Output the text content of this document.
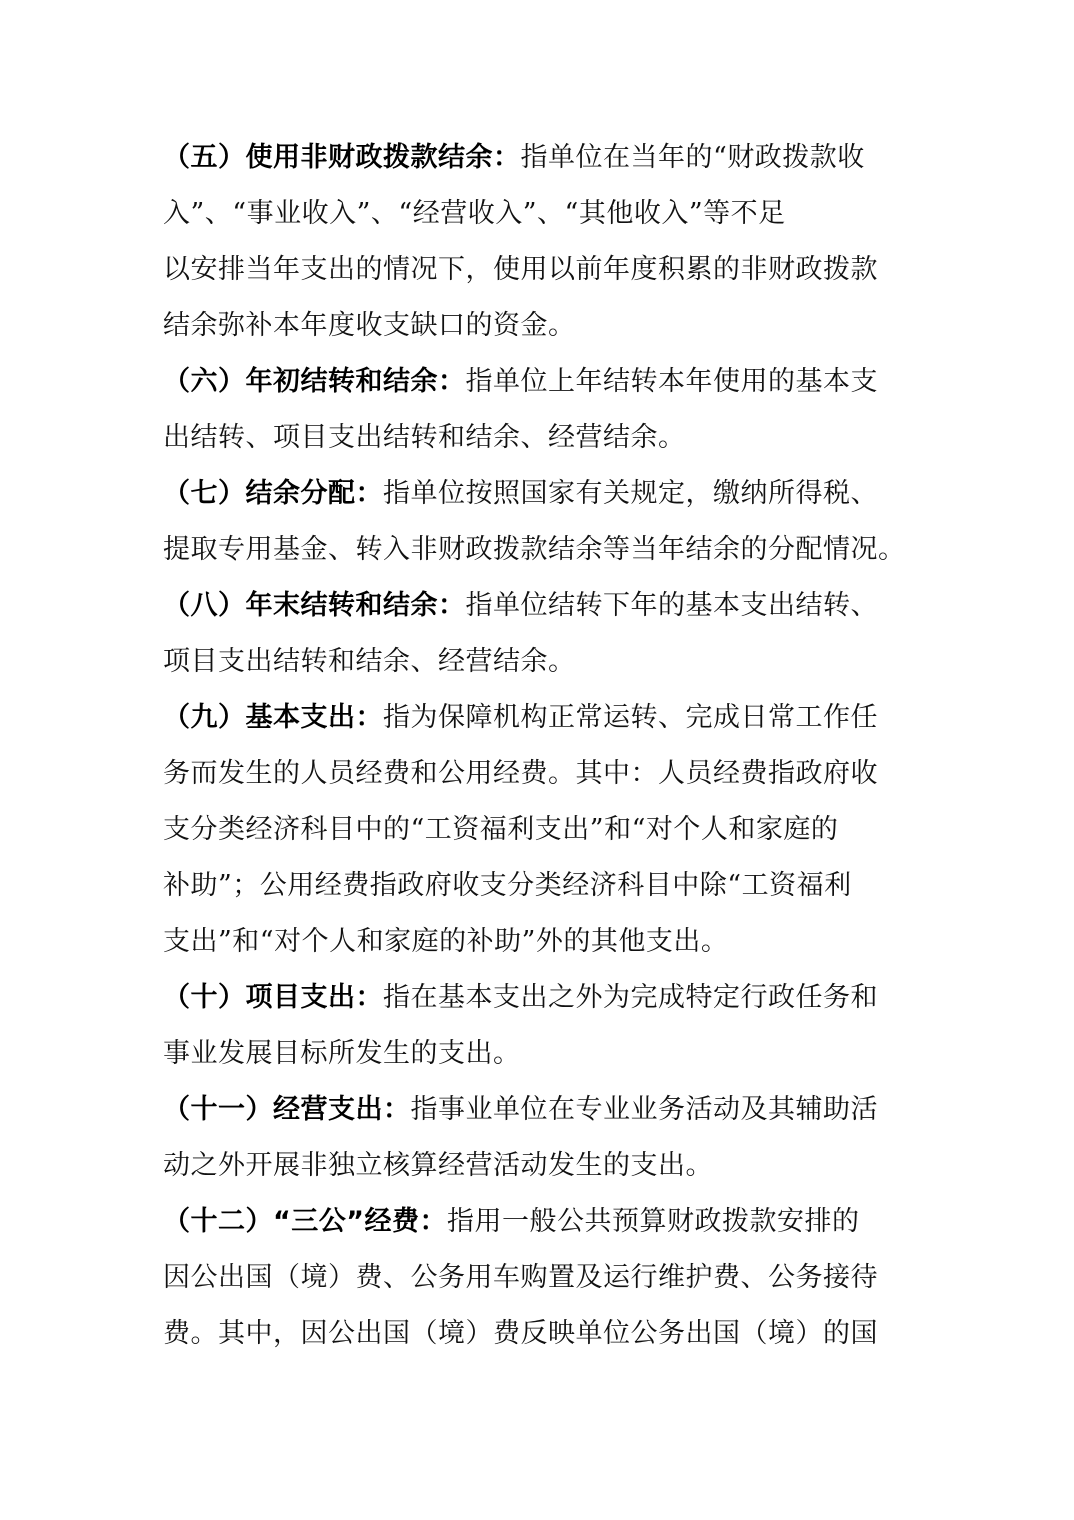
（五）使用非财政拨款结余：指单位在当年的“财政拨款收
入”、“事业收入”、“经营收入”、“其他收入”等不足
以安排当年支出的情况下，使用以前年度积累的非财政拨款
结余弥补本年度收支缺口的资金。
（六）年初结转和结余：指单位上年结转本年使用的基本支
出结转、项目支出结转和结余、经营结余。
（七）结余分配：指单位按照国家有关规定，缴纳所得税、
提取专用基金、转入非财政拨款结余等当年结余的分配情况。
（八）年末结转和结余：指单位结转下年的基本支出结转、
项目支出结转和结余、经营结余。
（九）基本支出：指为保障机构正常运转、完成日常工作任
务而发生的人员经费和公用经费。其中：人员经费指政府收
支分类经济科目中的“工资福利支出”和“对个人和家庭的
补助”；公用经费指政府收支分类经济科目中除“工资福利
支出”和“对个人和家庭的补助”外的其他支出。
（十）项目支出：指在基本支出之外为完成特定行政任务和
事业发展目标所发生的支出。
（十一）经营支出：指事业单位在专业业务活动及其辅助活
动之外开展非独立核算经营活动发生的支出。
（十二）“三公”经费：指用一般公共预算财政拨款安排的
因公出国（境）费、公务用车购置及运行维护费、公务接待
费。其中，因公出国（境）费反映单位公务出国（境）的国
